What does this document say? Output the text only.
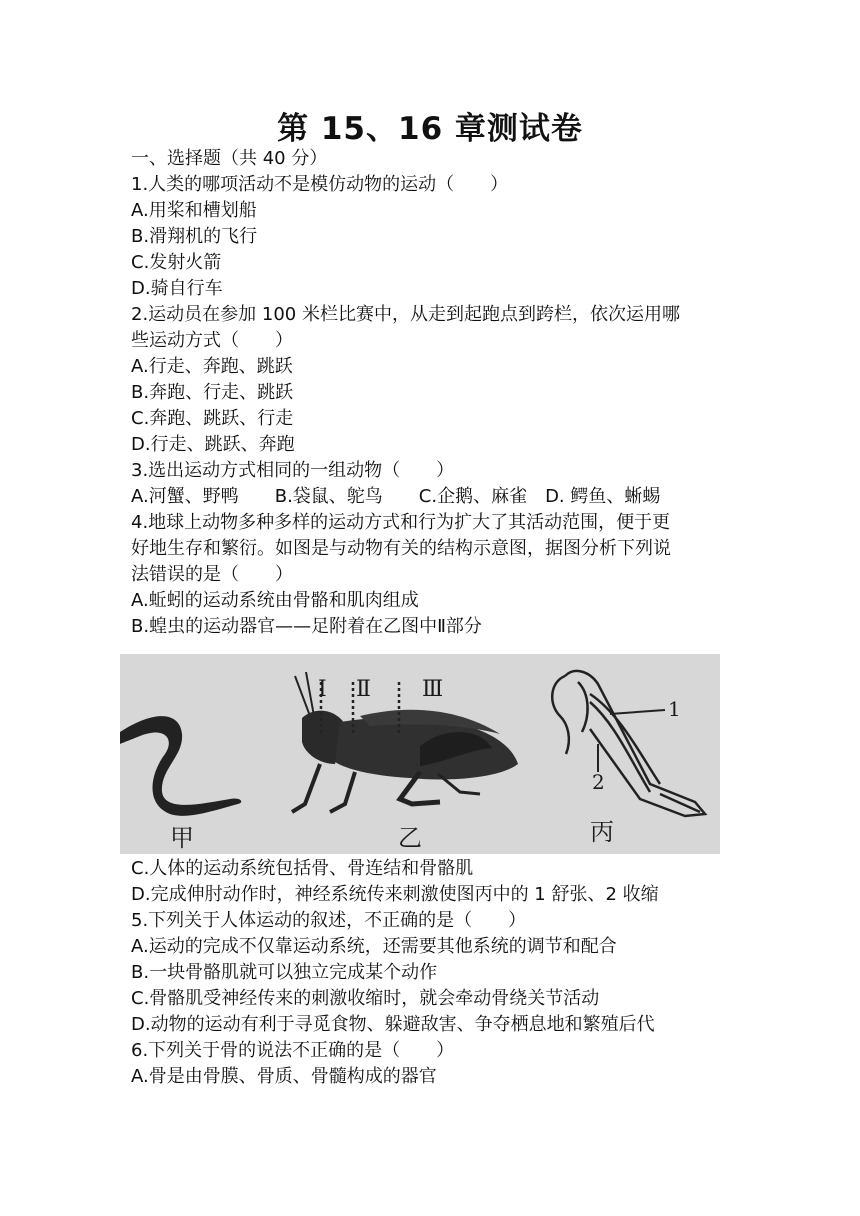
第 15、16 章测试卷
一、选择题（共 40 分）
1.人类的哪项活动不是模仿动物的运动（　　）
A.用桨和槽划船
B.滑翔机的飞行
C.发射火箭
D.骑自行车
2.运动员在参加 100 米栏比赛中，从走到起跑点到跨栏，依次运用哪
些运动方式（　　）
A.行走、奔跑、跳跃
B.奔跑、行走、跳跃
C.奔跑、跳跃、行走
D.行走、跳跃、奔跑
3.选出运动方式相同的一组动物（　　）
A.河蟹、野鸭　　B.袋鼠、鸵鸟　　C.企鹅、麻雀　D. 鳄鱼、蜥蜴
4.地球上动物多种多样的运动方式和行为扩大了其活动范围，便于更
好地生存和繁衍。如图是与动物有关的结构示意图，据图分析下列说
法错误的是（　　）
A.蚯蚓的运动系统由骨骼和肌肉组成
B.蝗虫的运动器官——足附着在乙图中Ⅱ部分
甲
Ⅰ Ⅱ Ⅲ
乙
1
2
丙
C.人体的运动系统包括骨、骨连结和骨骼肌
D.完成伸肘动作时，神经系统传来刺激使图丙中的 1 舒张、2 收缩
5.下列关于人体运动的叙述，不正确的是（　　）
A.运动的完成不仅靠运动系统，还需要其他系统的调节和配合
B.一块骨骼肌就可以独立完成某个动作
C.骨骼肌受神经传来的刺激收缩时，就会牵动骨绕关节活动
D.动物的运动有利于寻觅食物、躲避敌害、争夺栖息地和繁殖后代
6.下列关于骨的说法不正确的是（　　）
A.骨是由骨膜、骨质、骨髓构成的器官
